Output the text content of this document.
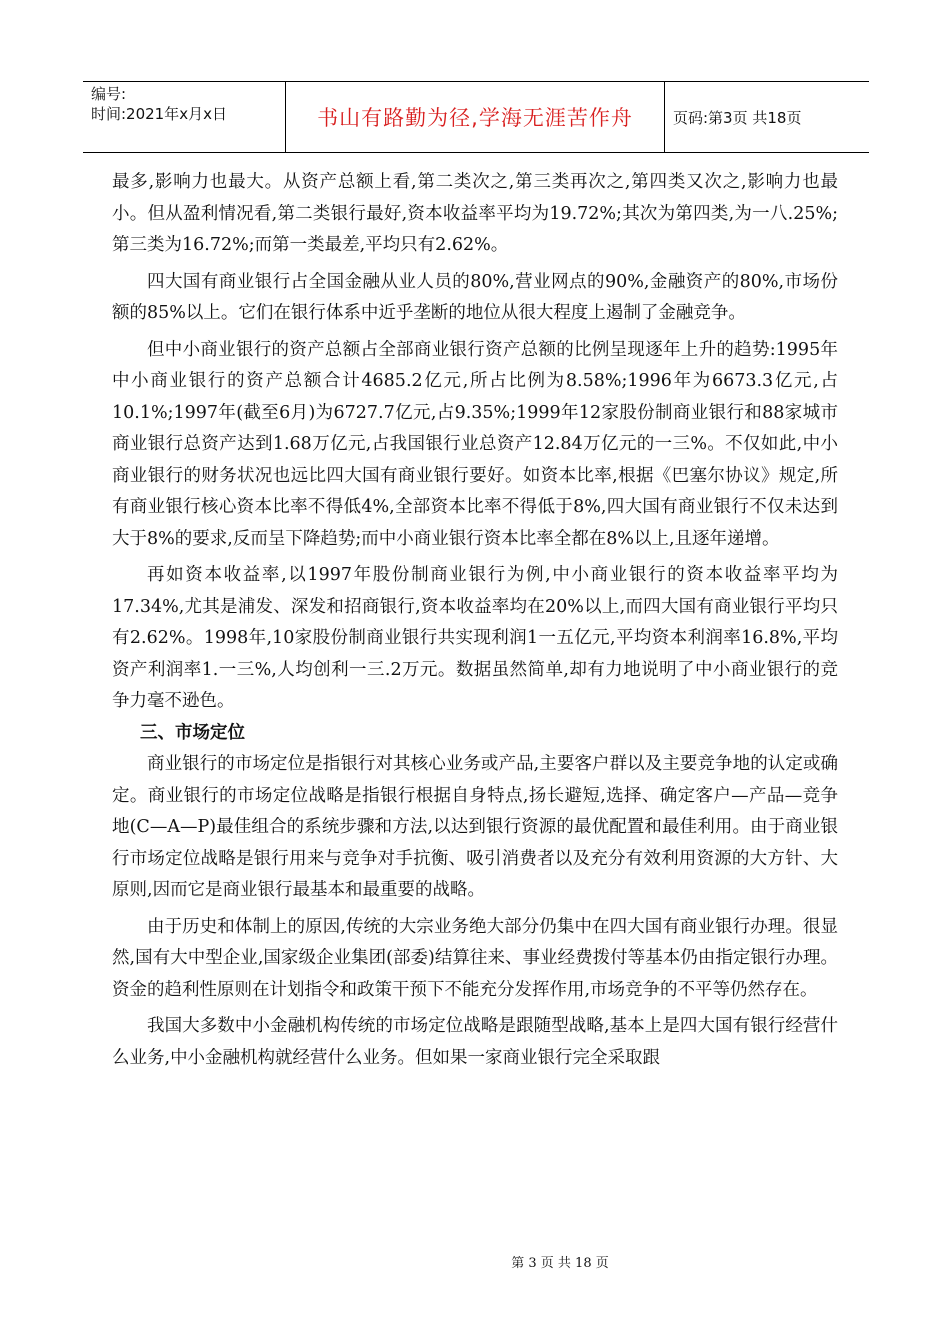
编号:
时间:2021年x月x日	书山有路勤为径,学海无涯苦作舟	页码:第3页 共18页

最多,影响力也最大。从资产总额上看,第二类次之,第三类再次之,第四类又次之,影响力也最小。但从盈利情况看,第二类银行最好,资本收益率平均为19.72%;其次为第四类,为一八.25%;第三类为16.72%;而第一类最差,平均只有2.62%。

四大国有商业银行占全国金融从业人员的80%,营业网点的90%,金融资产的80%,市场份额的85%以上。它们在银行体系中近乎垄断的地位从很大程度上遏制了金融竞争。

但中小商业银行的资产总额占全部商业银行资产总额的比例呈现逐年上升的趋势:1995年中小商业银行的资产总额合计4685.2亿元,所占比例为8.58%;1996年为6673.3亿元,占10.1%;1997年(截至6月)为6727.7亿元,占9.35%;1999年12家股份制商业银行和88家城市商业银行总资产达到1.68万亿元,占我国银行业总资产12.84万亿元的一三%。不仅如此,中小商业银行的财务状况也远比四大国有商业银行要好。如资本比率,根据《巴塞尔协议》规定,所有商业银行核心资本比率不得低4%,全部资本比率不得低于8%,四大国有商业银行不仅未达到大于8%的要求,反而呈下降趋势;而中小商业银行资本比率全都在8%以上,且逐年递增。

再如资本收益率,以1997年股份制商业银行为例,中小商业银行的资本收益率平均为17.34%,尤其是浦发、深发和招商银行,资本收益率均在20%以上,而四大国有商业银行平均只有2.62%。1998年,10家股份制商业银行共实现利润1一五亿元,平均资本利润率16.8%,平均资产利润率1.一三%,人均创利一三.2万元。数据虽然简单,却有力地说明了中小商业银行的竞争力毫不逊色。

三、市场定位

商业银行的市场定位是指银行对其核心业务或产品,主要客户群以及主要竞争地的认定或确定。商业银行的市场定位战略是指银行根据自身特点,扬长避短,选择、确定客户—产品—竞争地(C—A—P)最佳组合的系统步骤和方法,以达到银行资源的最优配置和最佳利用。由于商业银行市场定位战略是银行用来与竞争对手抗衡、吸引消费者以及充分有效利用资源的大方针、大原则,因而它是商业银行最基本和最重要的战略。

由于历史和体制上的原因,传统的大宗业务绝大部分仍集中在四大国有商业银行办理。很显然,国有大中型企业,国家级企业集团(部委)结算往来、事业经费拨付等基本仍由指定银行办理。资金的趋利性原则在计划指令和政策干预下不能充分发挥作用,市场竞争的不平等仍然存在。

我国大多数中小金融机构传统的市场定位战略是跟随型战略,基本上是四大国有银行经营什么业务,中小金融机构就经营什么业务。但如果一家商业银行完全采取跟

第 3 页 共 18 页
